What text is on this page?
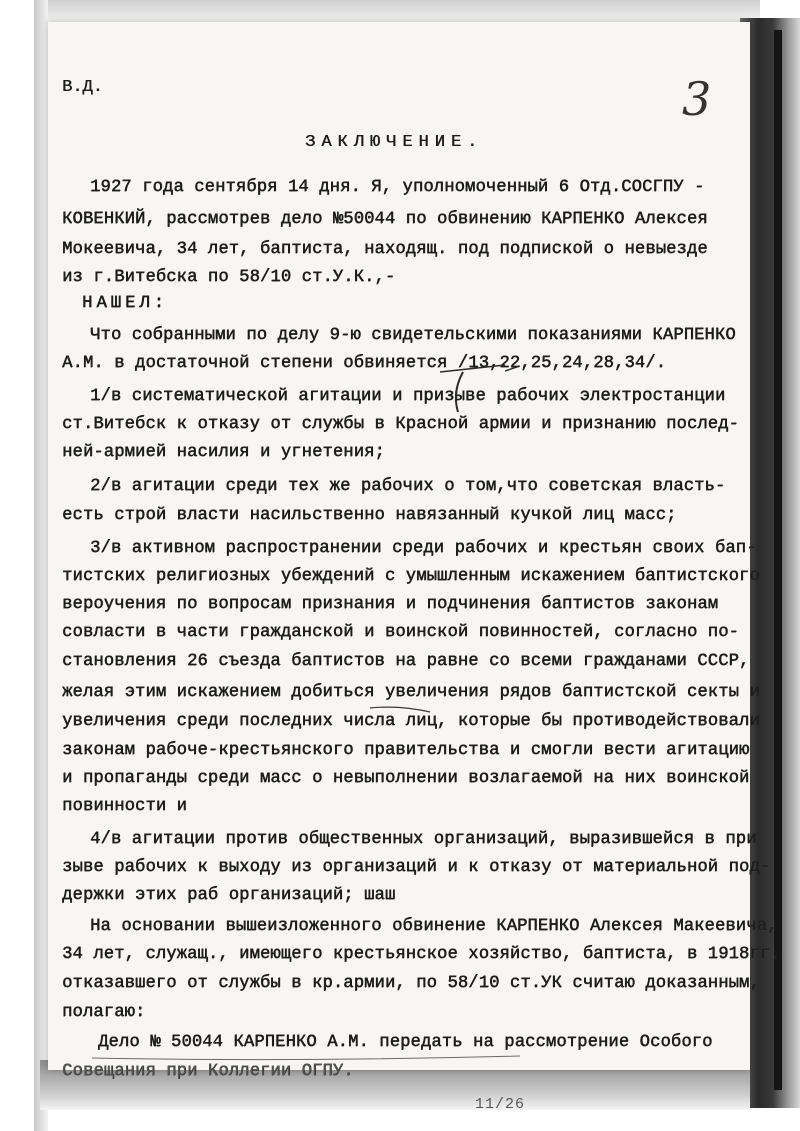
В.Д.	3
ЗАКЛЮЧЕНИЕ.
1927 года сентября 14 дня. Я, уполномоченный 6 Отд.СОСГПУ -
КОВЕНКИЙ, рассмотрев дело №50044 по обвинению КАРПЕНКО Алексея
Мокеевича, 34 лет, баптиста, находящ. под подпиской о невыезде
из г.Витебска по 58/10 ст.У.К.,-
НАШЕЛ:
Что собранными по делу 9-ю свидетельскими показаниями КАРПЕНКО
А.М. в достаточной степени обвиняется /13,22,25,24,28,34/.
1/в систематической агитации и призыве рабочих электростанции
ст.Витебск к отказу от службы в Красной армии и признанию послед-
ней-армией насилия и угнетения;
2/в агитации среди тех же рабочих о том,что советская власть-
есть строй власти насильственно навязанный кучкой лиц масс;
3/в активном распространении среди рабочих и крестьян своих бап-
тистских религиозных убеждений с умышленным искажением баптистского
вероучения по вопросам признания и подчинения баптистов законам
совласти в части гражданской и воинской повинностей, согласно по-
становления 26 съезда баптистов на равне со всеми гражданами СССР,
желая этим искажением добиться увеличения рядов баптистской секты и
увеличения среди последних числа лиц, которые бы противодействовали
законам рабоче-крестьянского правительства и смогли вести агитацию
и пропаганды среди масс о невыполнении возлагаемой на них воинской
повинности и
4/в агитации против общественных организаций, выразившейся в при
зыве рабочих к выходу из организаций и к отказу от материальной под-
держки этих раб организаций; шаш
На основании вышеизложенного обвинение КАРПЕНКО Алексея Макеевича,
34 лет, служащ., имеющего крестьянское хозяйство, баптиста, в 1918гг.
отказавшего от службы в кр.армии, по 58/10 ст.УК считаю доказанным,
полагаю:
Дело № 50044 КАРПЕНКО А.М. передать на рассмотрение Особого
Совещания при Коллегии ОГПУ.
11/26
